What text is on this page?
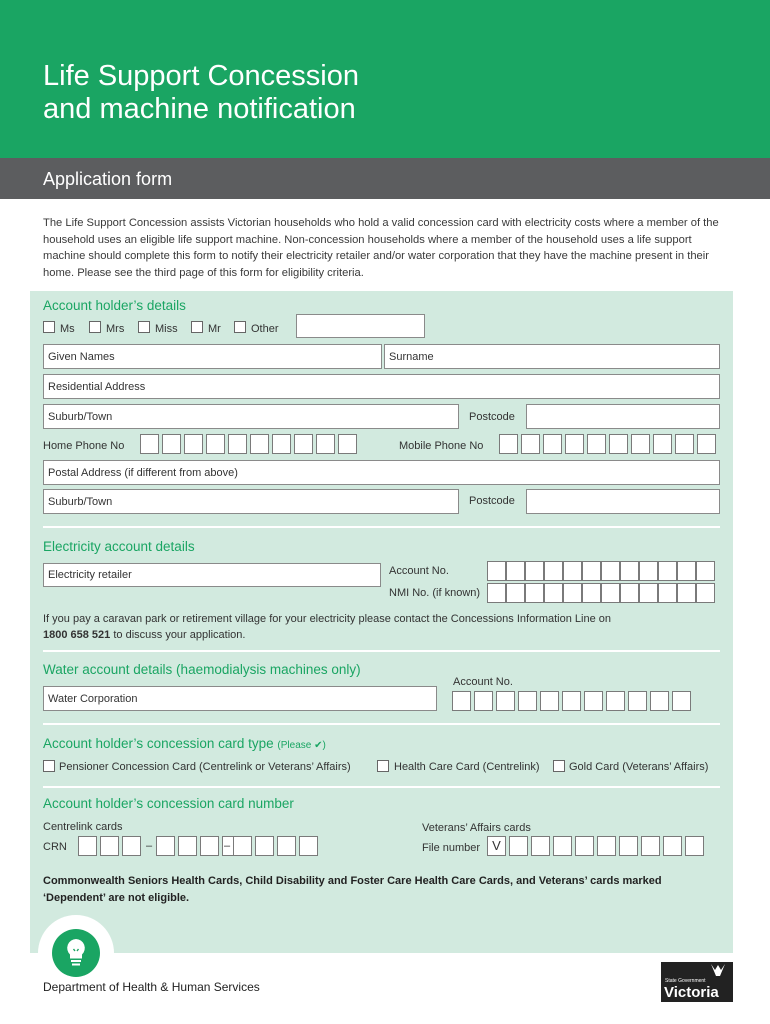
Life Support Concession
and machine notification
Application form
The Life Support Concession assists Victorian households who hold a valid concession card with electricity costs where a member of the household uses an eligible life support machine. Non-concession households where a member of the household uses a life support machine should complete this form to notify their electricity retailer and/or water corporation that they have the machine present in their home. Please see the third page of this form for eligibility criteria.
Account holder’s details
Ms	Mrs	Miss	Mr	Other
Given Names	Surname
Residential Address
Suburb/Town	Postcode
Home Phone No	Mobile Phone No
Postal Address (if different from above)
Suburb/Town	Postcode
Electricity account details
Electricity retailer	Account No.
NMI No. (if known)
If you pay a caravan park or retirement village for your electricity please contact the Concessions Information Line on
1800 658 521 to discuss your application.
Water account details (haemodialysis machines only)
Account No.
Water Corporation
Account holder’s concession card type (Please ✔)
Pensioner Concession Card (Centrelink or Veterans’ Affairs)	Health Care Card (Centrelink)	Gold Card (Veterans’ Affairs)
Account holder’s concession card number
Centrelink cards
CRN	–	–
Veterans’ Affairs cards
File number V
Commonwealth Seniors Health Cards, Child Disability and Foster Care Health Care Cards, and Veterans’ cards marked ‘Dependent’ are not eligible.
Department of Health & Human Services	State Government
Victoria
